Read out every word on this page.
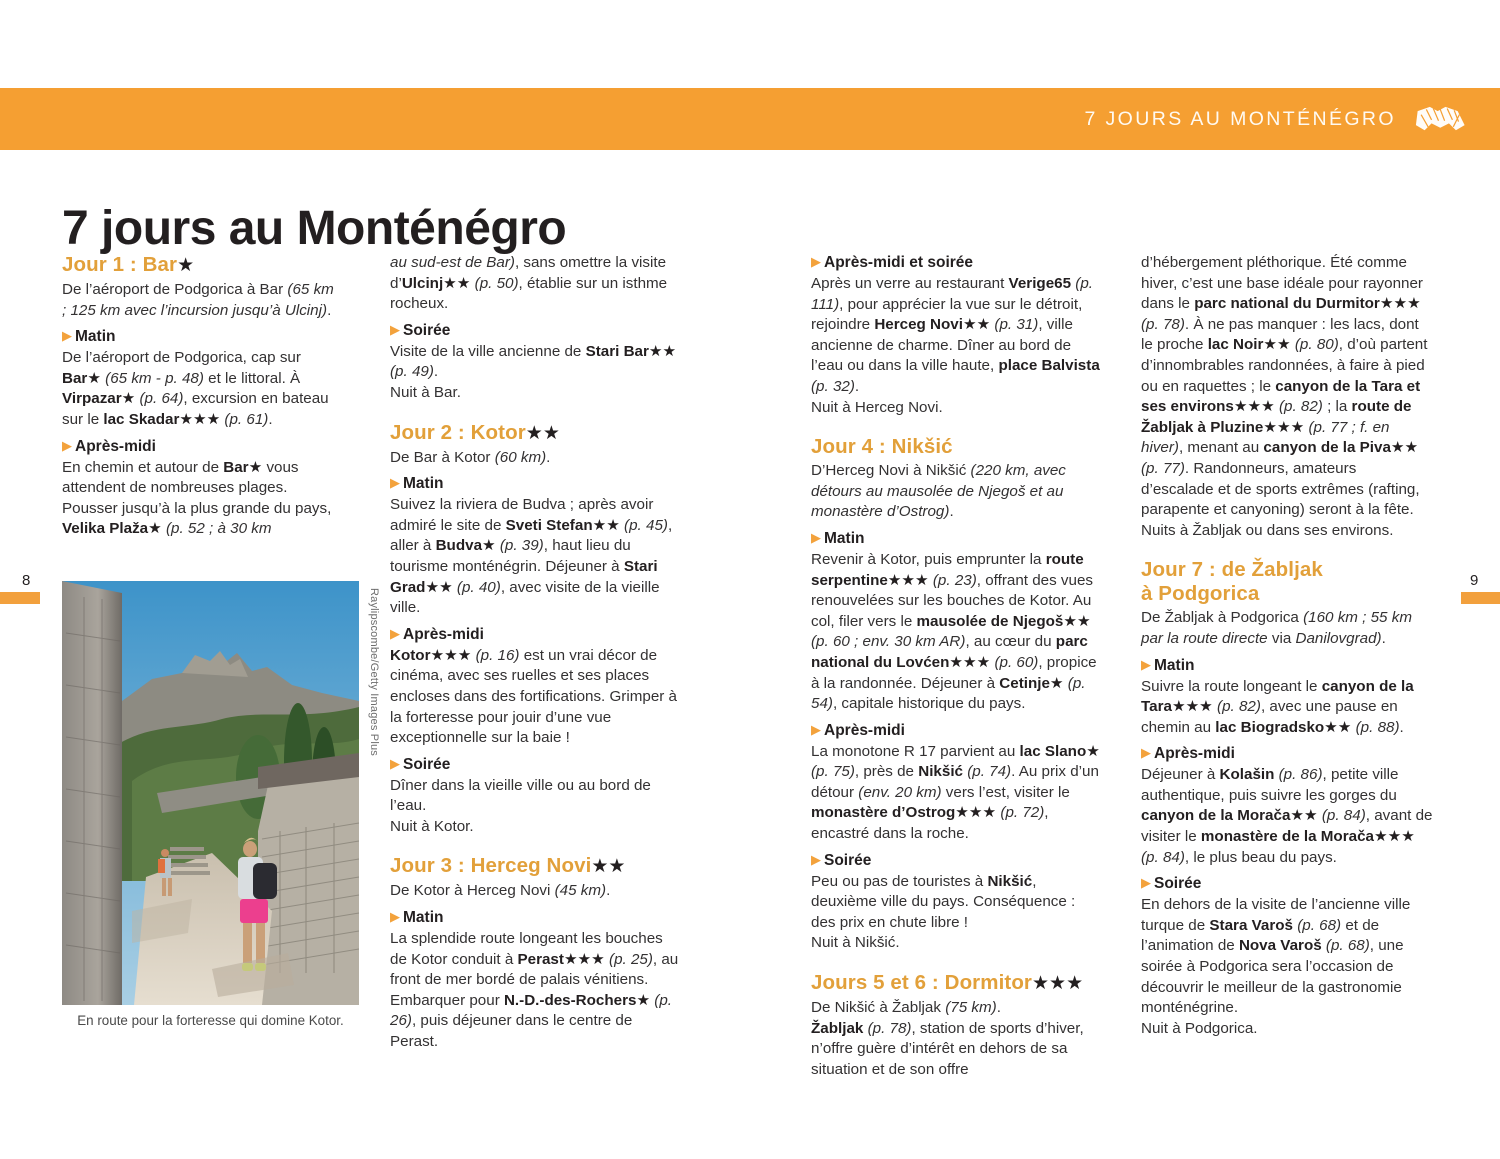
7 JOURS AU MONTÉNÉGRO
8	9
7 jours au Monténégro
Jour 1 : Bar★

De l’aéroport de Podgorica à Bar (65 km ; 125 km avec l’incursion jusqu’à Ulcinj).

▶ Matin

De l’aéroport de Podgorica, cap sur Bar★ (65 km - p. 48) et le littoral. À Virpazar★ (p. 64), excursion en bateau sur le lac Skadar★★★ (p. 61).

▶ Après-midi

En chemin et autour de Bar★ vous attendent de nombreuses plages. Pousser jusqu’à la plus grande du pays, Velika Plaža★ (p. 52 ; à 30 km

Raylipscombe/Getty Images Plus
En route pour la forteresse qui domine Kotor.

au sud-est de Bar), sans omettre la visite d’Ulcinj★★ (p. 50), établie sur un isthme rocheux.

▶ Soirée

Visite de la ville ancienne de Stari Bar★★ (p. 49).
Nuit à Bar.

Jour 2 : Kotor★★

De Bar à Kotor (60 km).

▶ Matin

Suivez la riviera de Budva ; après avoir admiré le site de Sveti Stefan★★ (p. 45), aller à Budva★ (p. 39), haut lieu du tourisme monténégrin. Déjeuner à Stari Grad★★ (p. 40), avec visite de la vieille ville.

▶ Après-midi

Kotor★★★ (p. 16) est un vrai décor de cinéma, avec ses ruelles et ses places encloses dans des fortifications. Grimper à la forteresse pour jouir d’une vue exceptionnelle sur la baie !

▶ Soirée

Dîner dans la vieille ville ou au bord de l’eau.
Nuit à Kotor.

Jour 3 : Herceg Novi★★

De Kotor à Herceg Novi (45 km).

▶ Matin

La splendide route longeant les bouches de Kotor conduit à Perast★★★ (p. 25), au front de mer bordé de palais vénitiens. Embarquer pour N.-D.-des-Rochers★ (p. 26), puis déjeuner dans le centre de Perast.

▶ Après-midi et soirée

Après un verre au restaurant Verige65 (p. 111), pour apprécier la vue sur le détroit, rejoindre Herceg Novi★★ (p. 31), ville ancienne de charme. Dîner au bord de l’eau ou dans la ville haute, place Balvista (p. 32).
Nuit à Herceg Novi.

Jour 4 : Nikšić

D’Herceg Novi à Nikšić (220 km, avec détours au mausolée de Njegoš et au monastère d’Ostrog).

▶ Matin

Revenir à Kotor, puis emprunter la route serpentine★★★ (p. 23), offrant des vues renouvelées sur les bouches de Kotor. Au col, filer vers le mausolée de Njegoš★★ (p. 60 ; env. 30 km AR), au cœur du parc national du Lovćen★★★ (p. 60), propice à la randonnée. Déjeuner à Cetinje★ (p. 54), capitale historique du pays.

▶ Après-midi

La monotone R 17 parvient au lac Slano★ (p. 75), près de Nikšić (p. 74). Au prix d’un détour (env. 20 km) vers l’est, visiter le monastère d’Ostrog★★★ (p. 72), encastré dans la roche.

▶ Soirée

Peu ou pas de touristes à Nikšić, deuxième ville du pays. Conséquence : des prix en chute libre !
Nuit à Nikšić.

Jours 5 et 6 : Dormitor★★★

De Nikšić à Žabljak (75 km).

Žabljak (p. 78), station de sports d’hiver, n’offre guère d’intérêt en dehors de sa situation et de son offre

d’hébergement pléthorique. Été comme hiver, c’est une base idéale pour rayonner dans le parc national du Durmitor★★★ (p. 78). À ne pas manquer : les lacs, dont le proche lac Noir★★ (p. 80), d’où partent d’innombrables randonnées, à faire à pied ou en raquettes ; le canyon de la Tara et ses environs★★★ (p. 82) ; la route de Žabljak à Pluzine★★★ (p. 77 ; f. en hiver), menant au canyon de la Piva★★ (p. 77). Randonneurs, amateurs d’escalade et de sports extrêmes (rafting, parapente et canyoning) seront à la fête.
Nuits à Žabljak ou dans ses environs.

Jour 7 : de Žabljak
à Podgorica

De Žabljak à Podgorica (160 km ; 55 km par la route directe via Danilovgrad).

▶ Matin

Suivre la route longeant le canyon de la Tara★★★ (p. 82), avec une pause en chemin au lac Biogradsko★★ (p. 88).

▶ Après-midi

Déjeuner à Kolašin (p. 86), petite ville authentique, puis suivre les gorges du canyon de la Morača★★ (p. 84), avant de visiter le monastère de la Morača★★★ (p. 84), le plus beau du pays.

▶ Soirée

En dehors de la visite de l’ancienne ville turque de Stara Varoš (p. 68) et de l’animation de Nova Varoš (p. 68), une soirée à Podgorica sera l’occasion de découvrir le meilleur de la gastronomie monténégrine.
Nuit à Podgorica.
